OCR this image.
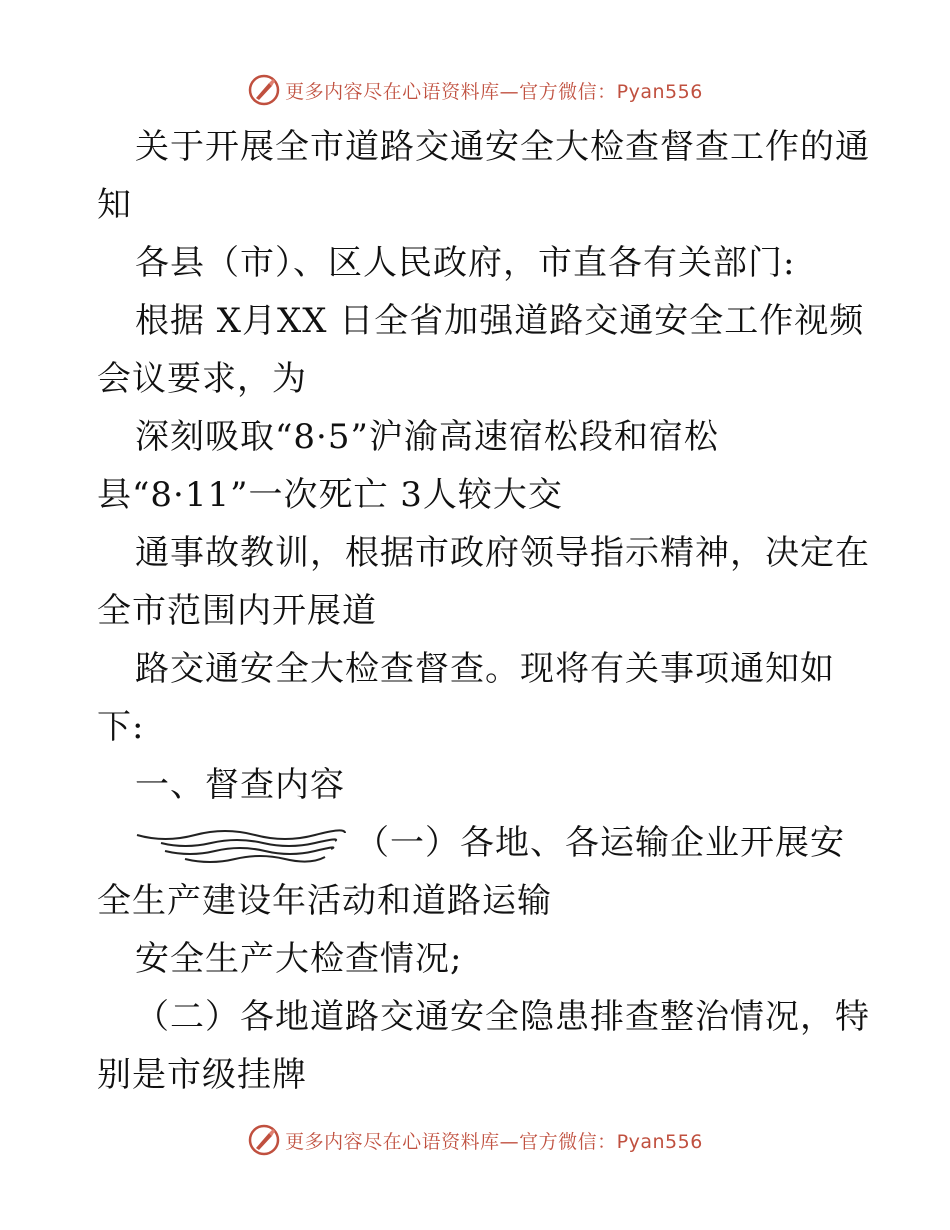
更多内容尽在心语资料库—官方微信：Pyan556
关于开展全市道路交通安全大检查督查工作的通
知
各县（市）、区人民政府，市直各有关部门:
根据 X月XX 日全省加强道路交通安全工作视频
会议要求，为
深刻吸取“8·5”沪渝高速宿松段和宿松
县“8·11”一次死亡 3人较大交
通事故教训，根据市政府领导指示精神，决定在
全市范围内开展道
路交通安全大检查督查。现将有关事项通知如
下:
一、督查内容
（一）各地、各运输企业开展安
全生产建设年活动和道路运输
安全生产大检查情况;
（二）各地道路交通安全隐患排查整治情况，特
别是市级挂牌
更多内容尽在心语资料库—官方微信：Pyan556
